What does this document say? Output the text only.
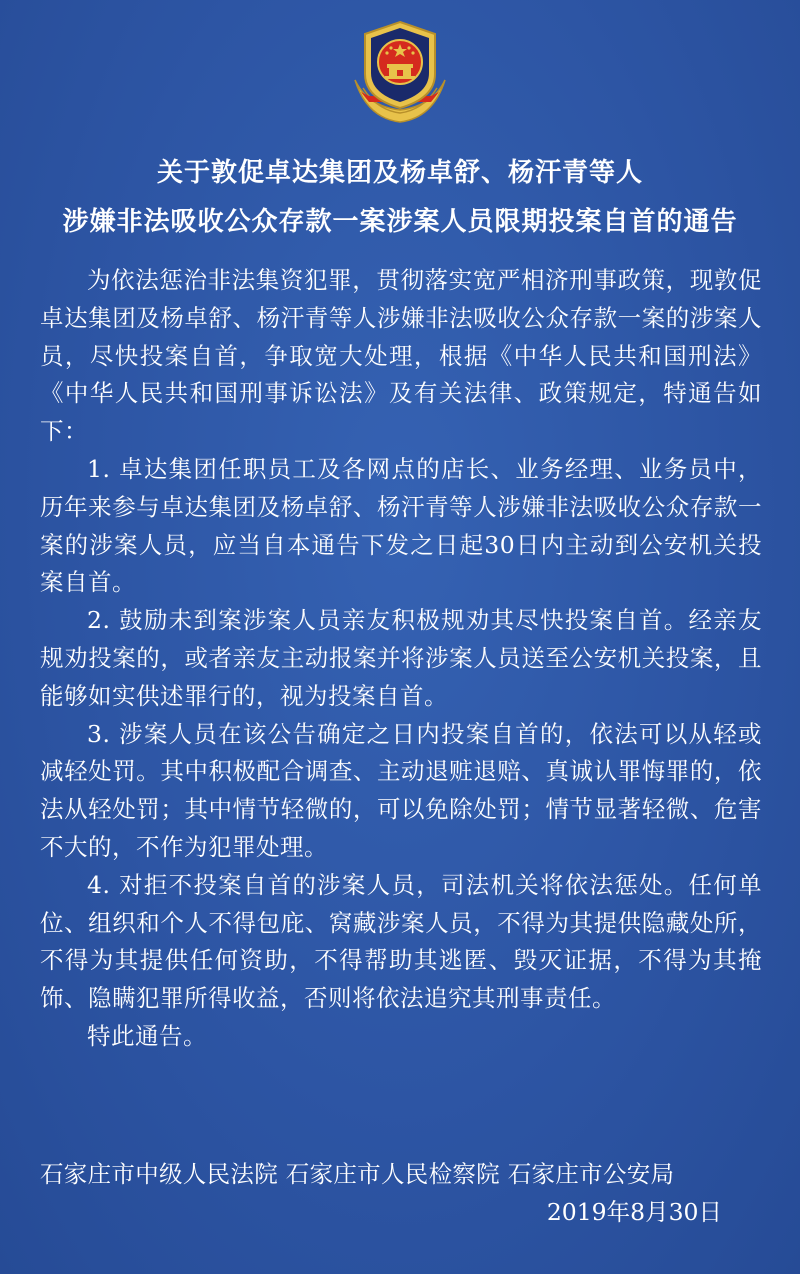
关于敦促卓达集团及杨卓舒、杨汗青等人
涉嫌非法吸收公众存款一案涉案人员限期投案自首的通告

为依法惩治非法集资犯罪，贯彻落实宽严相济刑事政策，现敦促卓达集团及杨卓舒、杨汗青等人涉嫌非法吸收公众存款一案的涉案人员，尽快投案自首，争取宽大处理，根据《中华人民共和国刑法》《中华人民共和国刑事诉讼法》及有关法律、政策规定，特通告如下：

1. 卓达集团任职员工及各网点的店长、业务经理、业务员中，历年来参与卓达集团及杨卓舒、杨汗青等人涉嫌非法吸收公众存款一案的涉案人员，应当自本通告下发之日起30日内主动到公安机关投案自首。

2. 鼓励未到案涉案人员亲友积极规劝其尽快投案自首。经亲友规劝投案的，或者亲友主动报案并将涉案人员送至公安机关投案，且能够如实供述罪行的，视为投案自首。

3. 涉案人员在该公告确定之日内投案自首的，依法可以从轻或减轻处罚。其中积极配合调查、主动退赃退赔、真诚认罪悔罪的，依法从轻处罚；其中情节轻微的，可以免除处罚；情节显著轻微、危害不大的，不作为犯罪处理。

4. 对拒不投案自首的涉案人员，司法机关将依法惩处。任何单位、组织和个人不得包庇、窝藏涉案人员，不得为其提供隐藏处所，不得为其提供任何资助，不得帮助其逃匿、毁灭证据，不得为其掩饰、隐瞒犯罪所得收益，否则将依法追究其刑事责任。

特此通告。

石家庄市中级人民法院 石家庄市人民检察院 石家庄市公安局
2019年8月30日
